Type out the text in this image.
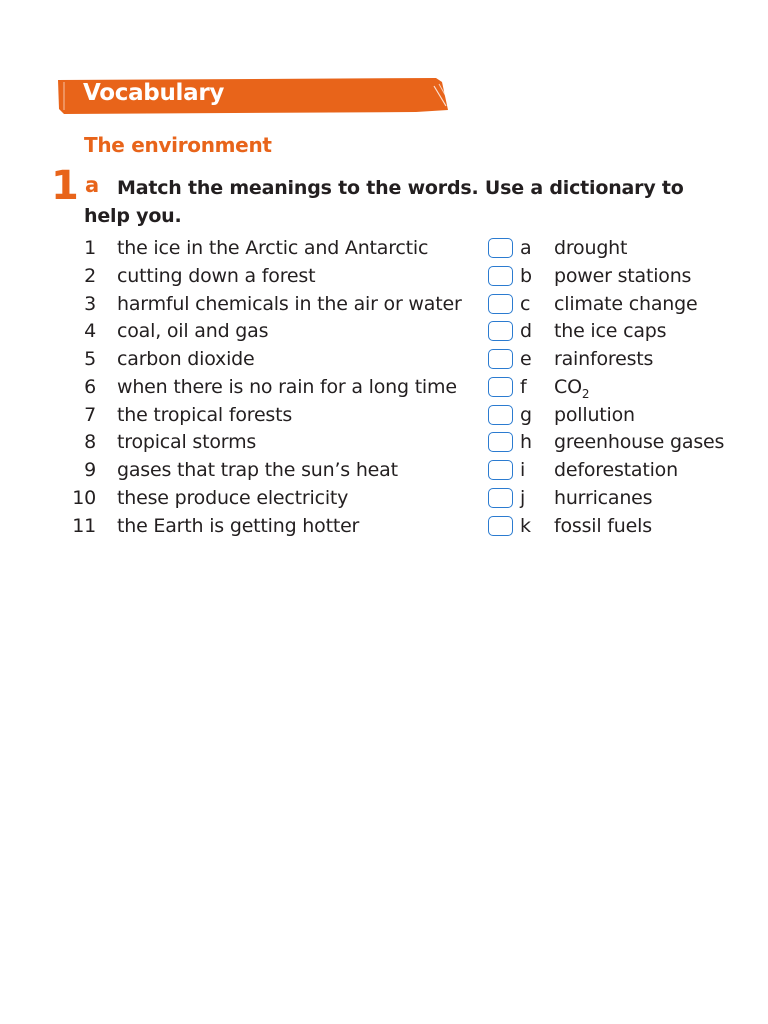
Vocabulary
The environment
1 a Match the meanings to the words. Use a dictionary to help you.
1 the ice in the Arctic and Antarctic	a	drought
2 cutting down a forest	b	power stations
3 harmful chemicals in the air or water	c	climate change
4 coal, oil and gas	d	the ice caps
5 carbon dioxide	e	rainforests
6 when there is no rain for a long time	f	$CO_2$
7 the tropical forests	g	pollution
8 tropical storms	h	greenhouse gases
9 gases that trap the sun’s heat	i	deforestation
10 these produce electricity	j	hurricanes
11 the Earth is getting hotter	k	fossil fuels
